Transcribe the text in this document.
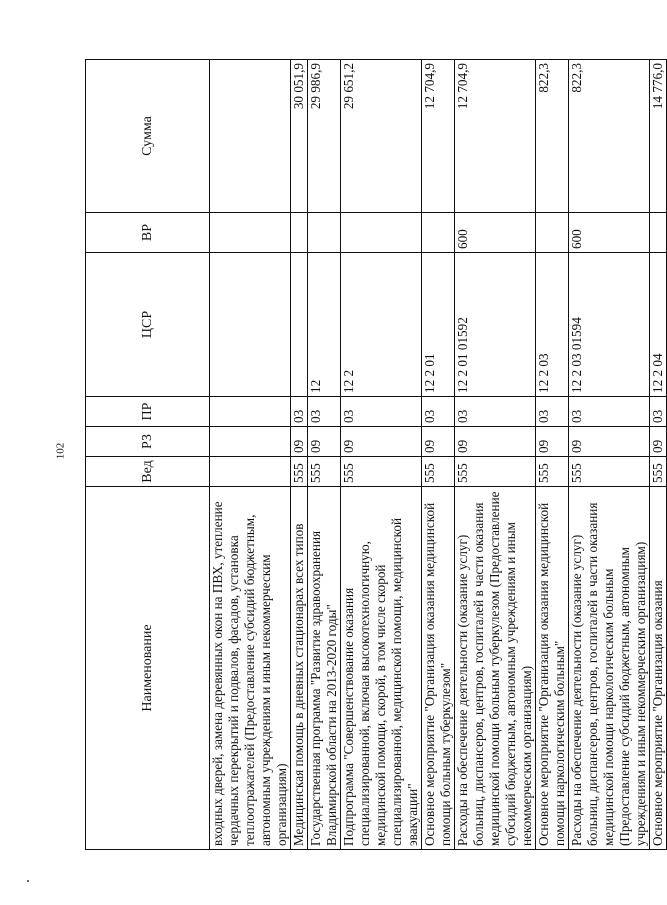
102
Наименование	Вед	РЗ	ПР	ЦСР	ВР	Сумма
входных дверей, замена деревянных окон на ПВХ, утепление чердачных перекрытий и подвалов, фасадов, установка теплоотражателей (Предоставление субсидий бюджетным, автономным учреждениям и иным некоммерческим организациям)						
Медицинская помощь в дневных стационарах всех типов	555	09	03			30 051,9
Государственная программа "Развитие здравоохранения Владимирской области на 2013-2020 годы"	555	09	03	12		29 986,9
Подпрограмма "Совершенствование оказания специализированной, включая высокотехнологичную, медицинской помощи, скорой, в том числе скорой специализированной, медицинской помощи, медицинской эвакуации"	555	09	03	12 2		29 651,2
Основное мероприятие "Организация оказания медицинской помощи больным туберкулезом"	555	09	03	12 2 01		12 704,9
Расходы на обеспечение деятельности (оказание услуг) больниц, диспансеров, центров, госпиталей в части оказания медицинской помощи больным туберкулезом (Предоставление субсидий бюджетным, автономным учреждениям и иным некоммерческим организациям)	555	09	03	12 2 01 01592	600	12 704,9
Основное мероприятие "Организация оказания медицинской помощи наркологическим больным"	555	09	03	12 2 03		822,3
Расходы на обеспечение деятельности (оказание услуг) больниц, диспансеров, центров, госпиталей в части оказания медицинской помощи наркологическим больным (Предоставление субсидий бюджетным, автономным учреждениям и иным некоммерческим организациям)	555	09	03	12 2 03 01594	600	822,3
Основное мероприятие "Организация оказания	555	09	03	12 2 04		14 776,0
